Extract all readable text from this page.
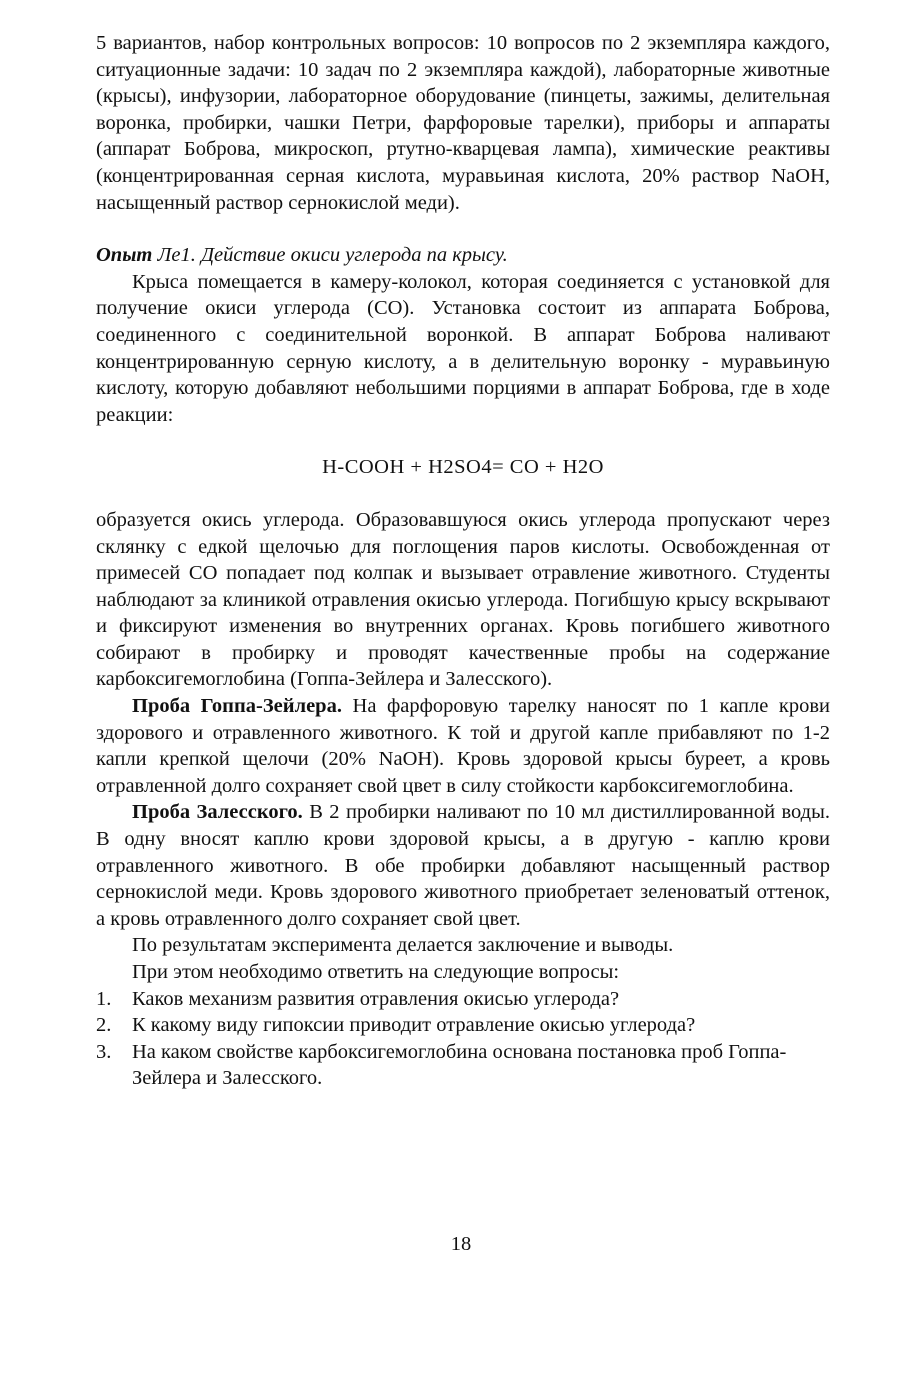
5 вариантов, набор контрольных вопросов: 10 вопросов по 2 экземпляра каждого, ситуационные задачи: 10 задач по 2 экземпляра каждой), лабораторные животные (крысы), инфузории, лабораторное оборудование (пинцеты, зажимы, делительная воронка, пробирки, чашки Петри, фарфоровые тарелки), приборы и аппараты (аппарат Боброва, микроскоп, ртутно-кварцевая лампа), химические реактивы (концентрированная серная кислота, муравьиная кислота, 20% раствор NaOH, насыщенный раствор сернокислой меди).

Опыт Ле1. Действие окиси углерода па крысу.

Крыса помещается в камеру-колокол, которая соединяется с установкой для получение окиси углерода (СО). Установка состоит из аппарата Боброва, соединенного с соединительной воронкой. В аппарат Боброва наливают концентрированную серную кислоту, а в делительную воронку - муравьиную кислоту, которую добавляют небольшими порциями в аппарат Боброва, где в ходе реакции:

H-COOH + H2SO4= CO + H2O

образуется окись углерода. Образовавшуюся окись углерода пропускают через склянку с едкой щелочью для поглощения паров кислоты. Освобожденная от примесей СО попадает под колпак и вызывает отравление животного. Студенты наблюдают за клиникой отравления окисью углерода. Погибшую крысу вскрывают и фиксируют изменения во внутренних органах. Кровь погибшего животного собирают в пробирку и проводят качественные пробы на содержание карбоксигемоглобина (Гоппа-Зейлера и Залесского).

Проба Гоппа-Зейлера. На фарфоровую тарелку наносят по 1 капле крови здорового и отравленного животного. К той и другой капле прибавляют по 1-2 капли крепкой щелочи (20% NaOH). Кровь здоровой крысы буреет, а кровь отравленной долго сохраняет свой цвет в силу стойкости карбоксигемоглобина.

Проба Залесского. В 2 пробирки наливают по 10 мл дистиллированной воды. В одну вносят каплю крови здоровой крысы, а в другую - каплю крови отравленного животного. В обе пробирки добавляют насыщенный раствор сернокислой меди. Кровь здорового животного приобретает зеленоватый оттенок, а кровь отравленного долго сохраняет свой цвет.

По результатам эксперимента делается заключение и выводы.

При этом необходимо ответить на следующие вопросы:

1. Каков механизм развития отравления окисью углерода?
2. К какому виду гипоксии приводит отравление окисью углерода?
3. На каком свойстве карбоксигемоглобина основана постановка проб Гоппа-Зейлера и Залесского.
18
